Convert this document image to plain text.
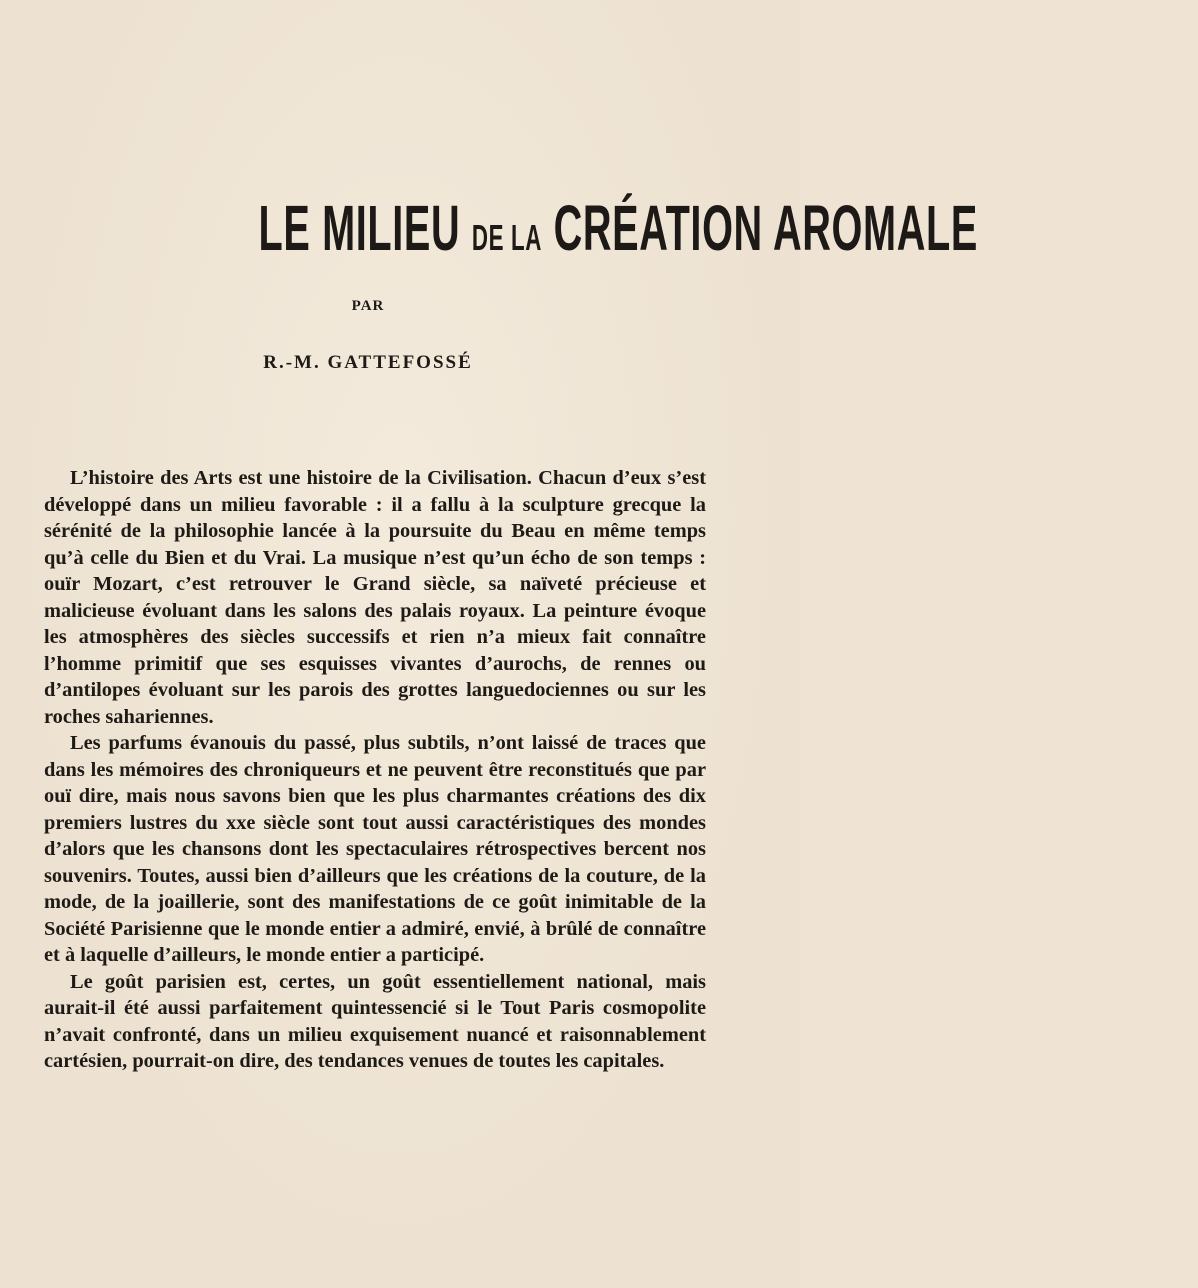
LE MILIEU DE LA CRÉATION AROMALE
PAR
R.-M. GATTEFOSSÉ

L’histoire des Arts est une histoire de la Civilisation. Chacun d’eux s’est développé dans un milieu favorable : il a fallu à la sculpture grecque la sérénité de la philosophie lancée à la poursuite du Beau en même temps qu’à celle du Bien et du Vrai. La musique n’est qu’un écho de son temps : ouïr Mozart, c’est retrouver le Grand siècle, sa naïveté précieuse et malicieuse évoluant dans les salons des palais royaux. La peinture évoque les atmosphères des siècles successifs et rien n’a mieux fait connaître l’homme primitif que ses esquisses vivantes d’aurochs, de rennes ou d’antilopes évoluant sur les parois des grottes languedociennes ou sur les roches sahariennes.

Les parfums évanouis du passé, plus subtils, n’ont laissé de traces que dans les mémoires des chroniqueurs et ne peuvent être reconstitués que par ouï dire, mais nous savons bien que les plus charmantes créations des dix premiers lustres du xxe siècle sont tout aussi caractéristiques des mondes d’alors que les chansons dont les spectaculaires rétrospectives bercent nos souvenirs. Toutes, aussi bien d’ailleurs que les créations de la couture, de la mode, de la joaillerie, sont des manifestations de ce goût inimitable de la Société Parisienne que le monde entier a admiré, envié, à brûlé de connaître et à laquelle d’ailleurs, le monde entier a participé.

Le goût parisien est, certes, un goût essentiellement national, mais aurait-il été aussi parfaitement quintessencié si le Tout Paris cosmopolite n’avait confronté, dans un milieu exquisement nuancé et raisonnablement cartésien, pourrait-on dire, des tendances venues de toutes les capitales.
